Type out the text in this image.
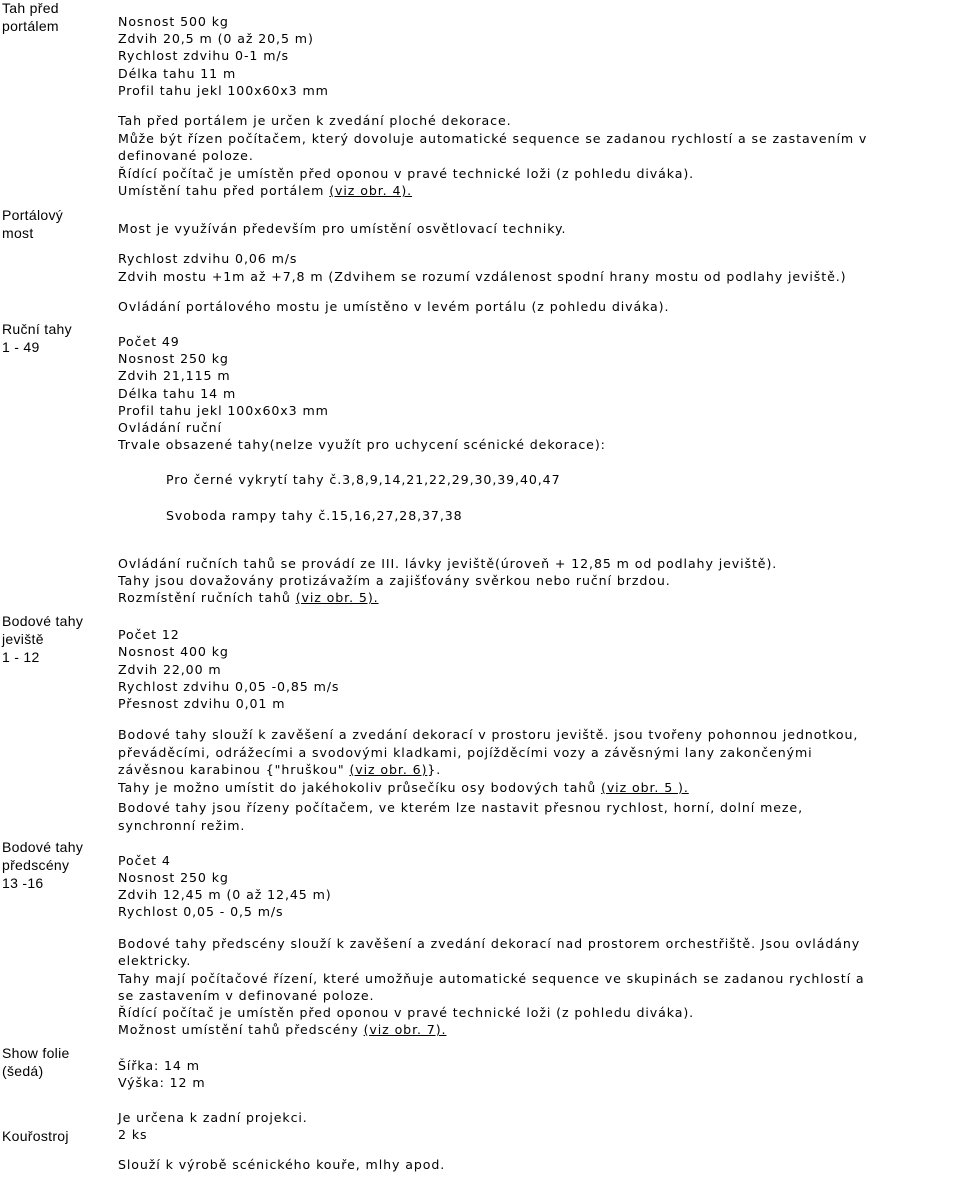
Tah před
portálem
Portálový
most
Ruční tahy
1 - 49
Bodové tahy
jeviště
1 - 12
Bodové tahy
předscény
13 -16
Show folie
(šedá)
Kouřostroj
Nosnost 500 kg
Zdvih 20,5 m (0 až 20,5 m)
Rychlost zdvihu 0-1 m/s
Délka tahu 11 m
Profil tahu jekl 100x60x3 mm
Tah před portálem je určen k zvedání ploché dekorace.
Může být řízen počítačem, který dovoluje automatické sequence se zadanou rychlostí a se zastavením v
definované poloze.
Řídící počítač je umístěn před oponou v pravé technické loži (z pohledu diváka).
Umístění tahu před portálem (viz obr. 4).
Most je využíván především pro umístění osvětlovací techniky.
Rychlost zdvihu 0,06 m/s
Zdvih mostu +1m až +7,8 m (Zdvihem se rozumí vzdálenost spodní hrany mostu od podlahy jeviště.)
Ovládání portálového mostu je umístěno v levém portálu (z pohledu diváka).
Počet 49
Nosnost 250 kg
Zdvih 21,115 m
Délka tahu 14 m
Profil tahu jekl 100x60x3 mm
Ovládání ruční
Trvale obsazené tahy(nelze využít pro uchycení scénické dekorace):
Pro černé vykrytí tahy č.3,8,9,14,21,22,29,30,39,40,47
Svoboda rampy tahy č.15,16,27,28,37,38
Ovládání ručních tahů se provádí ze III. lávky jeviště(úroveň + 12,85 m od podlahy jeviště).
Tahy jsou dovažovány protizávažím a zajišťovány svěrkou nebo ruční brzdou.
Rozmístění ručních tahů (viz obr. 5).
Počet 12
Nosnost 400 kg
Zdvih 22,00 m
Rychlost zdvihu 0,05 -0,85 m/s
Přesnost zdvihu 0,01 m
Bodové tahy slouží k zavěšení a zvedání dekorací v prostoru jeviště. jsou tvořeny pohonnou jednotkou,
převáděcími, odrážecími a svodovými kladkami, pojížděcími vozy a závěsnými lany zakončenými
závěsnou karabinou {"hruškou" (viz obr. 6)}.
Tahy je možno umístit do jakéhokoliv průsečíku osy bodových tahů (viz obr. 5 ).
Bodové tahy jsou řízeny počítačem, ve kterém lze nastavit přesnou rychlost, horní, dolní meze,
synchronní režim.
Počet 4
Nosnost 250 kg
Zdvih 12,45 m (0 až 12,45 m)
Rychlost 0,05 - 0,5 m/s
Bodové tahy předscény slouží k zavěšení a zvedání dekorací nad prostorem orchestřiště. Jsou ovládány
elektricky.
Tahy mají počítačové řízení, které umožňuje automatické sequence ve skupinách se zadanou rychlostí a
se zastavením v definované poloze.
Řídící počítač je umístěn před oponou v pravé technické loži (z pohledu diváka).
Možnost umístění tahů předscény (viz obr. 7).
Šířka: 14 m
Výška: 12 m
Je určena k zadní projekci.
2 ks
Slouží k výrobě scénického kouře, mlhy apod.
